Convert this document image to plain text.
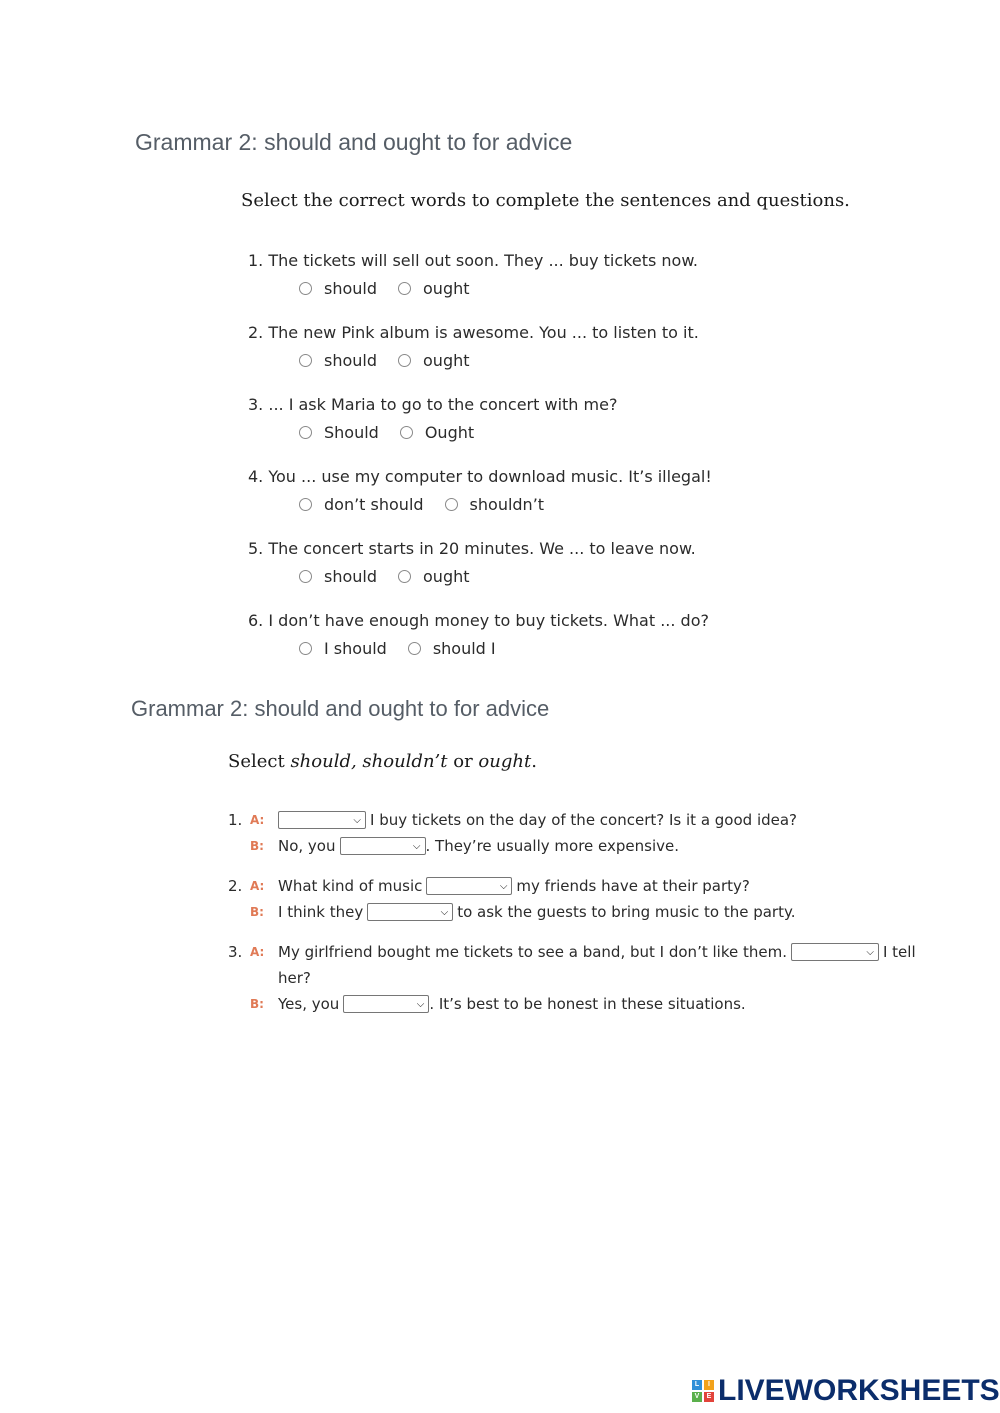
Grammar 2: should and ought to for advice

Select the correct words to complete the sentences and questions.

1. The tickets will sell out soon. They ... buy tickets now.

should	ought

2. The new Pink album is awesome. You ... to listen to it.

should	ought

3. ... I ask Maria to go to the concert with me?

Should	Ought

4. You ... use my computer to download music. It’s illegal!

don’t should	shouldn’t

5. The concert starts in 20 minutes. We ... to leave now.

should	ought

6. I don’t have enough money to buy tickets. What ... do?

I should	should I
Grammar 2: should and ought to for advice

Select should, shouldn’t or ought.

1. A:	⌵ I buy tickets on the day of the concert? Is it a good idea?
B: No, you	⌵ . They’re usually more expensive.
2. A: What kind of music	⌵ my friends have at their party?
B: I think they	⌵ to ask the guests to bring music to the party.
3. A: My girlfriend bought me tickets to see a band, but I don’t like them.	⌵ I tell
her?
B: Yes, you	⌵ . It’s best to be honest in these situations.
L	I
V	E LIVEWORKSHEETS
